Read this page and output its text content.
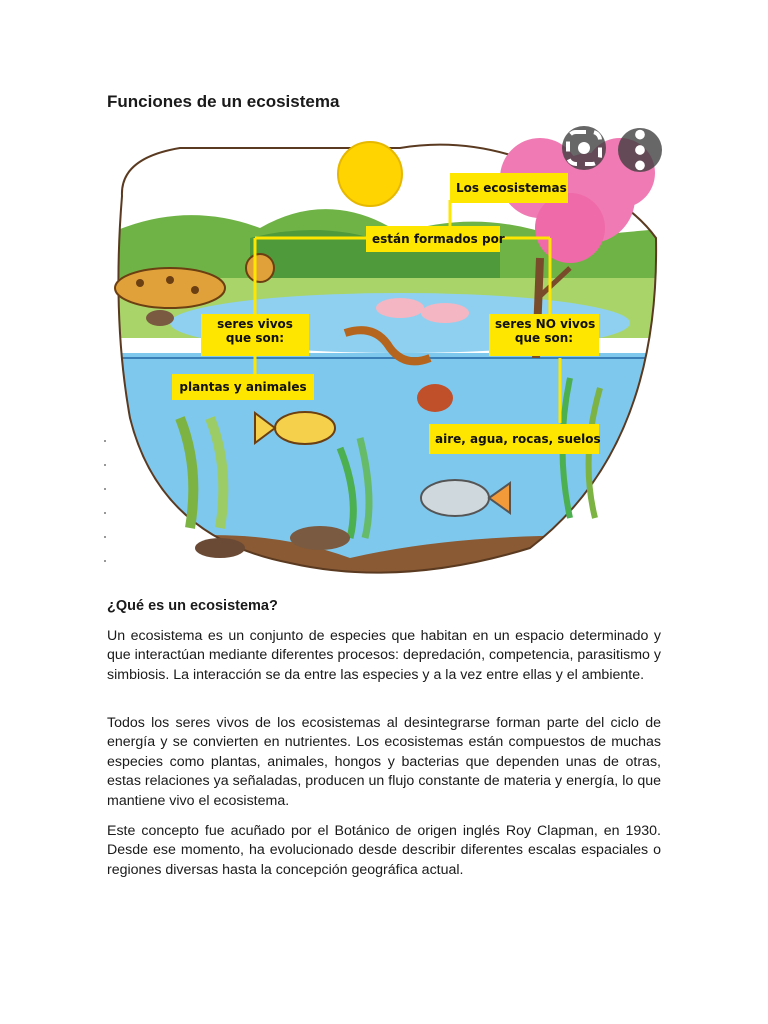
Funciones de un ecosistema
Los ecosistemas
están formados por
seres vivos
que son:
seres NO vivos
que son:
plantas y animales
aire, agua, rocas, suelos
¿Qué es un ecosistema?

Un ecosistema es un conjunto de especies que habitan en un espacio determinado y que interactúan mediante diferentes procesos: depredación, competencia, parasitismo y simbiosis. La interacción se da entre las especies y a la vez entre ellas y el ambiente.

Todos los seres vivos de los ecosistemas al desintegrarse forman parte del ciclo de energía y se convierten en nutrientes. Los ecosistemas están compuestos de muchas especies como plantas, animales, hongos y bacterias que dependen unas de otras, estas relaciones ya señaladas, producen un flujo constante de materia y energía, lo que mantiene vivo el ecosistema.

Este concepto fue acuñado por el Botánico de origen inglés Roy Clapman, en 1930. Desde ese momento, ha evolucionado desde describir diferentes escalas espaciales o regiones diversas hasta la concepción geográfica actual.
